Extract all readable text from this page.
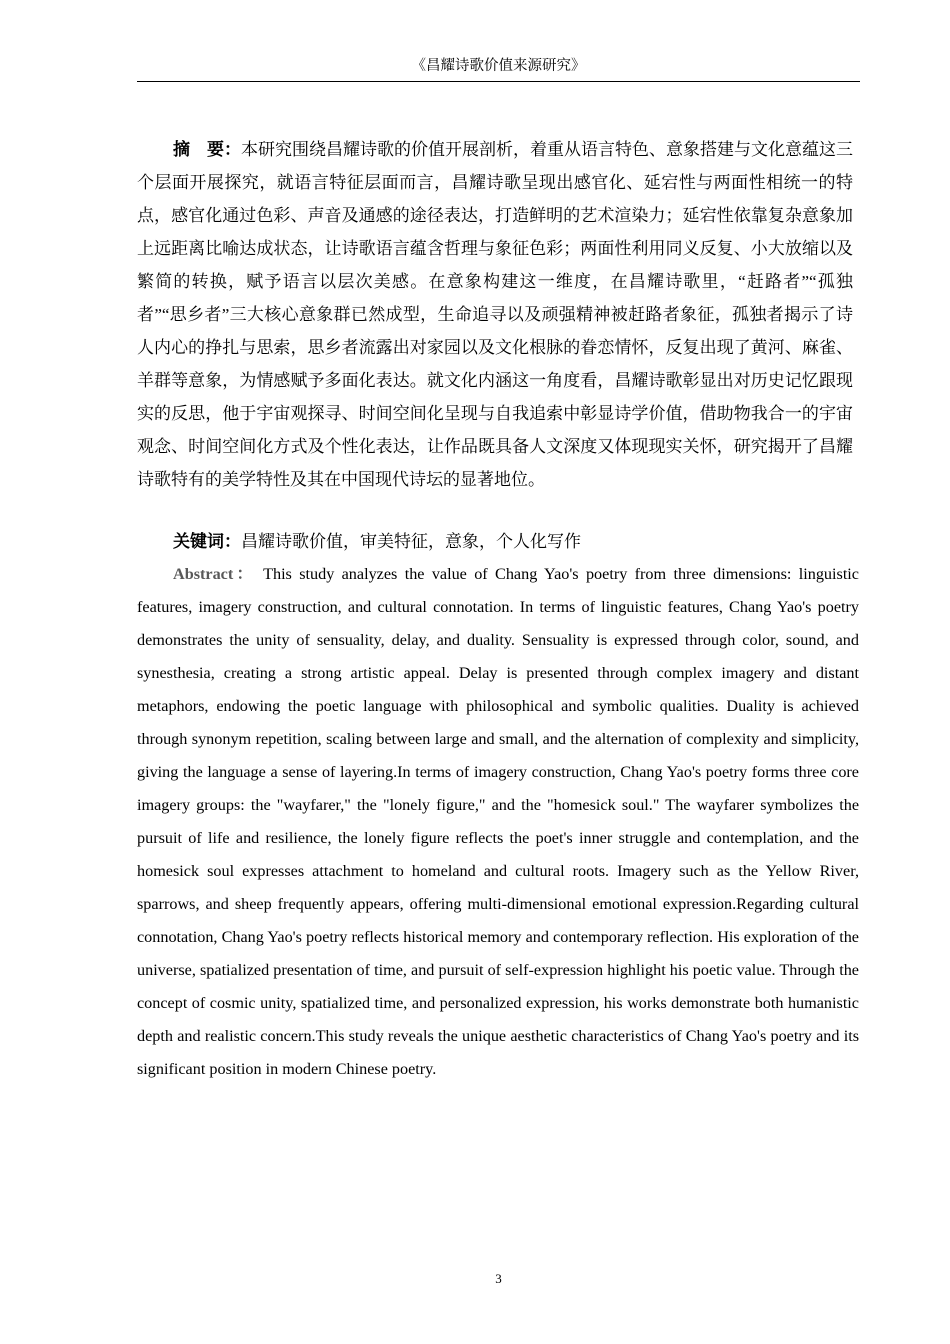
《昌耀诗歌价值来源研究》

摘　要：本研究围绕昌耀诗歌的价值开展剖析，着重从语言特色、意象搭建与文化意蕴这三个层面开展探究，就语言特征层面而言，昌耀诗歌呈现出感官化、延宕性与两面性相统一的特点，感官化通过色彩、声音及通感的途径表达，打造鲜明的艺术渲染力；延宕性依靠复杂意象加上远距离比喻达成状态，让诗歌语言蕴含哲理与象征色彩；两面性利用同义反复、小大放缩以及繁简的转换，赋予语言以层次美感。在意象构建这一维度，在昌耀诗歌里，“赶路者”“孤独者”“思乡者”三大核心意象群已然成型，生命追寻以及顽强精神被赶路者象征，孤独者揭示了诗人内心的挣扎与思索，思乡者流露出对家园以及文化根脉的眷恋情怀，反复出现了黄河、麻雀、羊群等意象，为情感赋予多面化表达。就文化内涵这一角度看，昌耀诗歌彰显出对历史记忆跟现实的反思，他于宇宙观探寻、时间空间化呈现与自我追索中彰显诗学价值，借助物我合一的宇宙观念、时间空间化方式及个性化表达，让作品既具备人文深度又体现现实关怀，研究揭开了昌耀诗歌特有的美学特性及其在中国现代诗坛的显著地位。

关键词：昌耀诗歌价值，审美特征，意象，个人化写作

Abstract： This study analyzes the value of Chang Yao's poetry from three dimensions: linguistic features, imagery construction, and cultural connotation. In terms of linguistic features, Chang Yao's poetry demonstrates the unity of sensuality, delay, and duality. Sensuality is expressed through color, sound, and synesthesia, creating a strong artistic appeal. Delay is presented through complex imagery and distant metaphors, endowing the poetic language with philosophical and symbolic qualities. Duality is achieved through synonym repetition, scaling between large and small, and the alternation of complexity and simplicity, giving the language a sense of layering.In terms of imagery construction, Chang Yao's poetry forms three core imagery groups: the "wayfarer," the "lonely figure," and the "homesick soul." The wayfarer symbolizes the pursuit of life and resilience, the lonely figure reflects the poet's inner struggle and contemplation, and the homesick soul expresses attachment to homeland and cultural roots. Imagery such as the Yellow River, sparrows, and sheep frequently appears, offering multi-dimensional emotional expression.Regarding cultural connotation, Chang Yao's poetry reflects historical memory and contemporary reflection. His exploration of the universe, spatialized presentation of time, and pursuit of self-expression highlight his poetic value. Through the concept of cosmic unity, spatialized time, and personalized expression, his works demonstrate both humanistic depth and realistic concern.This study reveals the unique aesthetic characteristics of Chang Yao's poetry and its significant position in modern Chinese poetry.

3
